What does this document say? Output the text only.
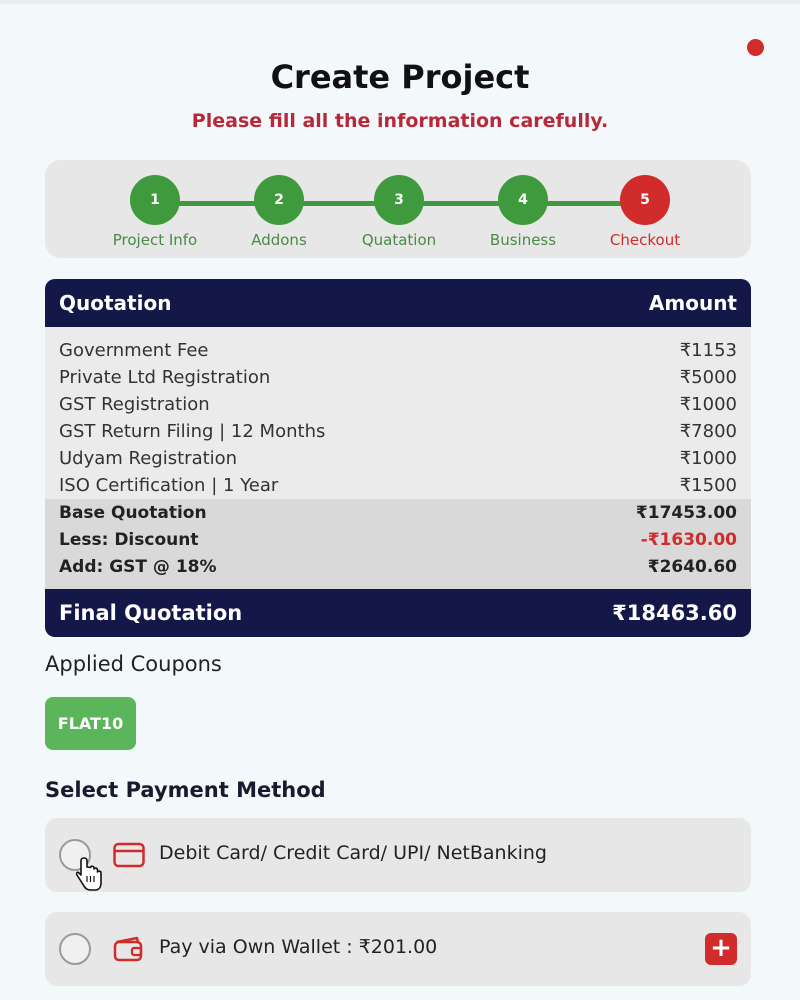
Create Project
Please fill all the information carefully.
1
Project Info
2
Addons
3
Quatation
4
Business
5
Checkout
Quotation	Amount
Government Fee	₹1153
Private Ltd Registration	₹5000
GST Registration	₹1000
GST Return Filing | 12 Months	₹7800
Udyam Registration	₹1000
ISO Certification | 1 Year	₹1500
Base Quotation	₹17453.00
Less: Discount	-₹1630.00
Add: GST @ 18%	₹2640.60
Final Quotation	₹18463.60
Applied Coupons
FLAT10
Select Payment Method
Debit Card/ Credit Card/ UPI/ NetBanking
Pay via Own Wallet : ₹201.00	+
